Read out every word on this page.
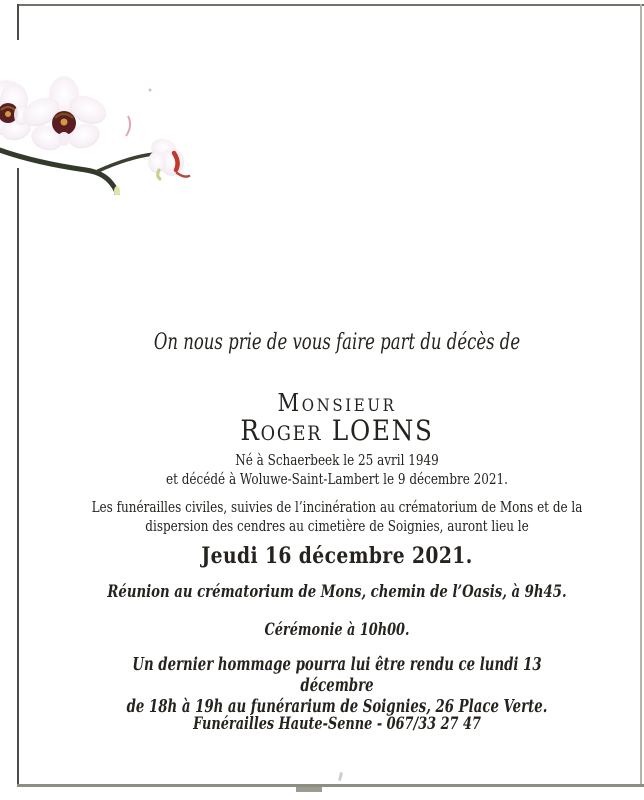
On nous prie de vous faire part du décès de

Monsieur

Roger LOENS

Né à Schaerbeek le 25 avril 1949

et décédé à Woluwe-Saint-Lambert le 9 décembre 2021.

Les funérailles civiles, suivies de l’incinération au crématorium de Mons et de la
dispersion des cendres au cimetière de Soignies, auront lieu le

Jeudi 16 décembre 2021.

Réunion au crématorium de Mons, chemin de l’Oasis, à 9h45.

Cérémonie à 10h00.

Un dernier hommage pourra lui être rendu ce lundi 13 décembre
de 18h à 19h au funérarium de Soignies, 26 Place Verte.

Funérailles Haute-Senne - 067/33 27 47
